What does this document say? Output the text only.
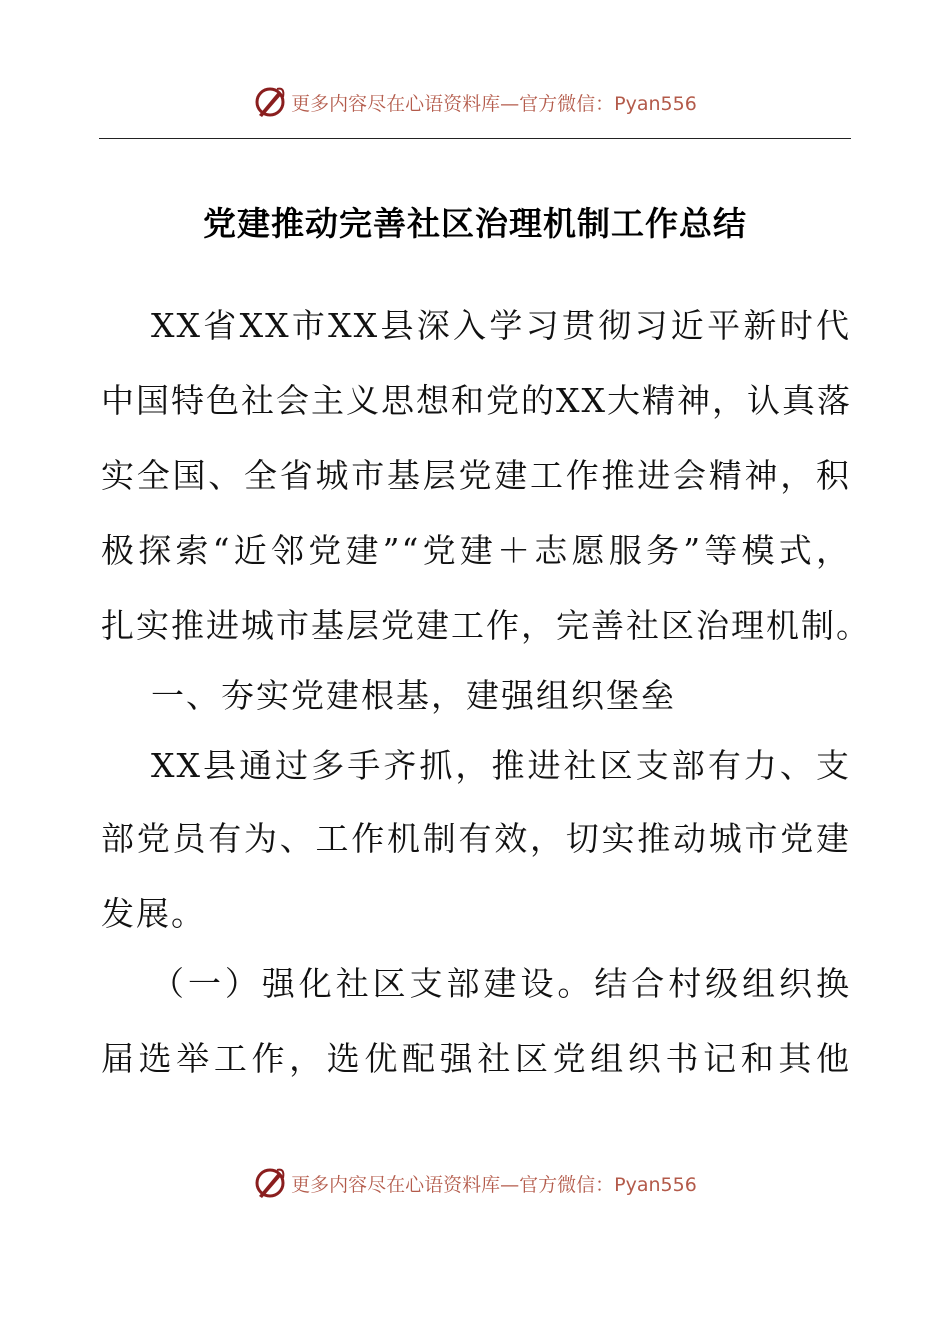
更多内容尽在心语资料库—官方微信：Pyan556
党建推动完善社区治理机制工作总结
XX省XX市XX县深入学习贯彻习近平新时代
中国特色社会主义思想和党的XX大精神，认真落
实全国、全省城市基层党建工作推进会精神，积
极探索“近邻党建”“党建＋志愿服务”等模式，
扎实推进城市基层党建工作，完善社区治理机制。
一、夯实党建根基，建强组织堡垒
XX县通过多手齐抓，推进社区支部有力、支
部党员有为、工作机制有效，切实推动城市党建
发展。
（一）强化社区支部建设。结合村级组织换
届选举工作，选优配强社区党组织书记和其他
更多内容尽在心语资料库—官方微信：Pyan556
